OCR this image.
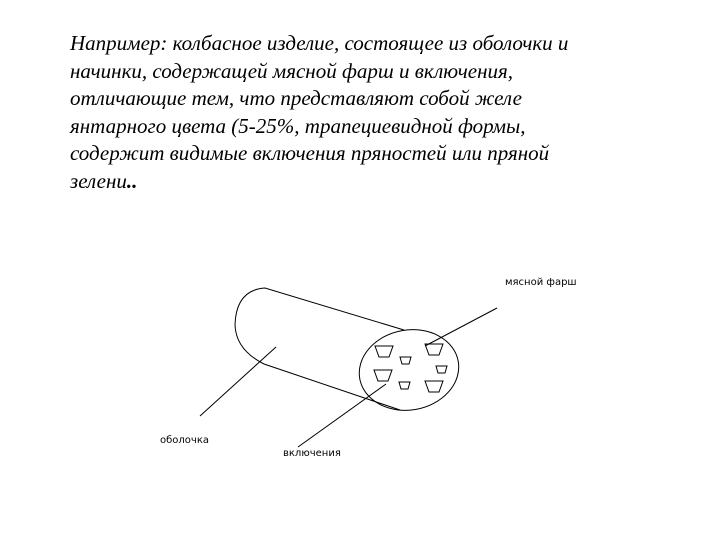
Например: колбасное изделие, состоящее из оболочки и
начинки, содержащей мясной фарш и включения,
отличающие тем, что представляют собой желе
янтарного цвета (5-25%, трапециевидной формы,
содержит видимые включения пряностей или пряной
зелени..

мясной фарш
оболочка
включения
